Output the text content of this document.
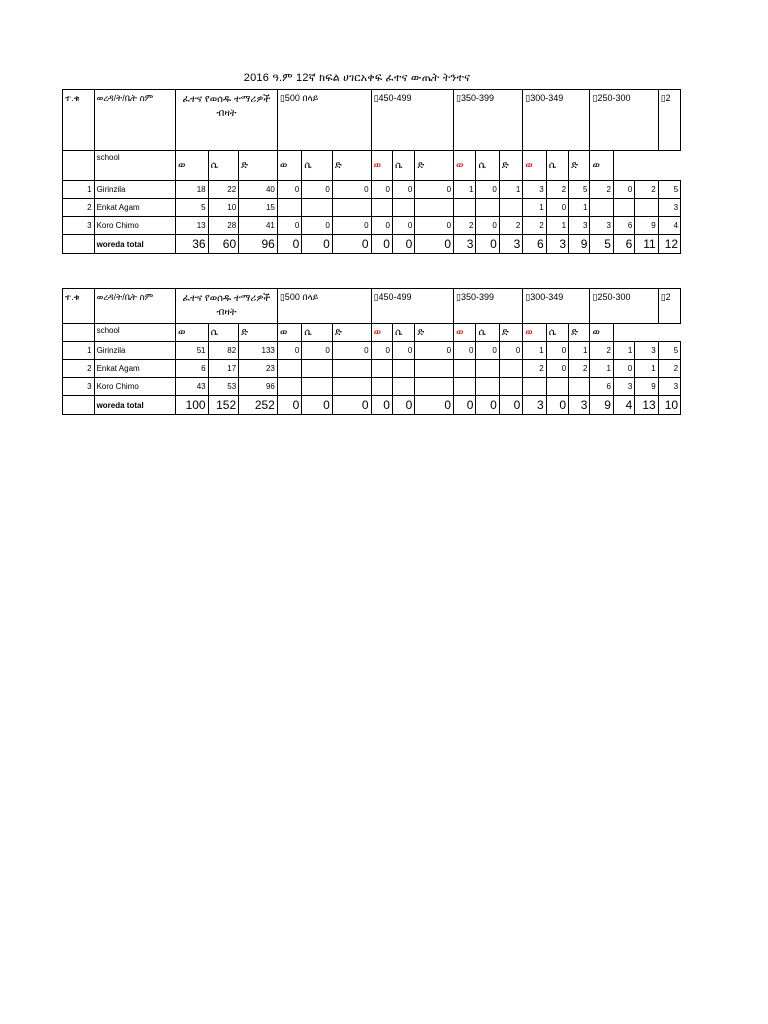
2016 ዓ.ም 12ኛ ክፍል ሀገርአቀፍ ፈተና ውጤት ትንተና
ተ.ቁ	ወረዳ/ት/ቤት ስም	ፈተና የወሰዱ ተማሪዎች ብዛት			▯500 በላይ			▯450-499			▯350-399			▯300-349			▯250-300			▯2
	school	ወ	ሴ	ድ	ወ	ሴ	ድ	ወ	ሴ	ድ	ወ	ሴ	ድ	ወ	ሴ	ድ	ወ			
1	Girinzila	18	22	40	0	0	0	0	0	0	1	0	1	3	2	5	2	0	2	5
2	Enkat Agam	5	10	15										1	0	1				3
3	Koro Chimo	13	28	41	0	0	0	0	0	0	2	0	2	2	1	3	3	6	9	4
	woreda total	36	60	96	0	0	0	0	0	0	3	0	3	6	3	9	5	6	11	12
ተ.ቁ	ወረዳ/ት/ቤት ስም	ፈተና የወሰዱ ተማሪዎች ብዛት			▯500 በላይ			▯450-499			▯350-399			▯300-349			▯250-300			▯2
	school	ወ	ሴ	ድ	ወ	ሴ	ድ	ወ	ሴ	ድ	ወ	ሴ	ድ	ወ	ሴ	ድ	ወ			
1	Girinzila	51	82	133	0	0	0	0	0	0	0	0	0	1	0	1	2	1	3	5
2	Enkat Agam	6	17	23										2	0	2	1	0	1	2
3	Koro Chimo	43	53	96													6	3	9	3
	woreda total	100	152	252	0	0	0	0	0	0	0	0	0	3	0	3	9	4	13	10
